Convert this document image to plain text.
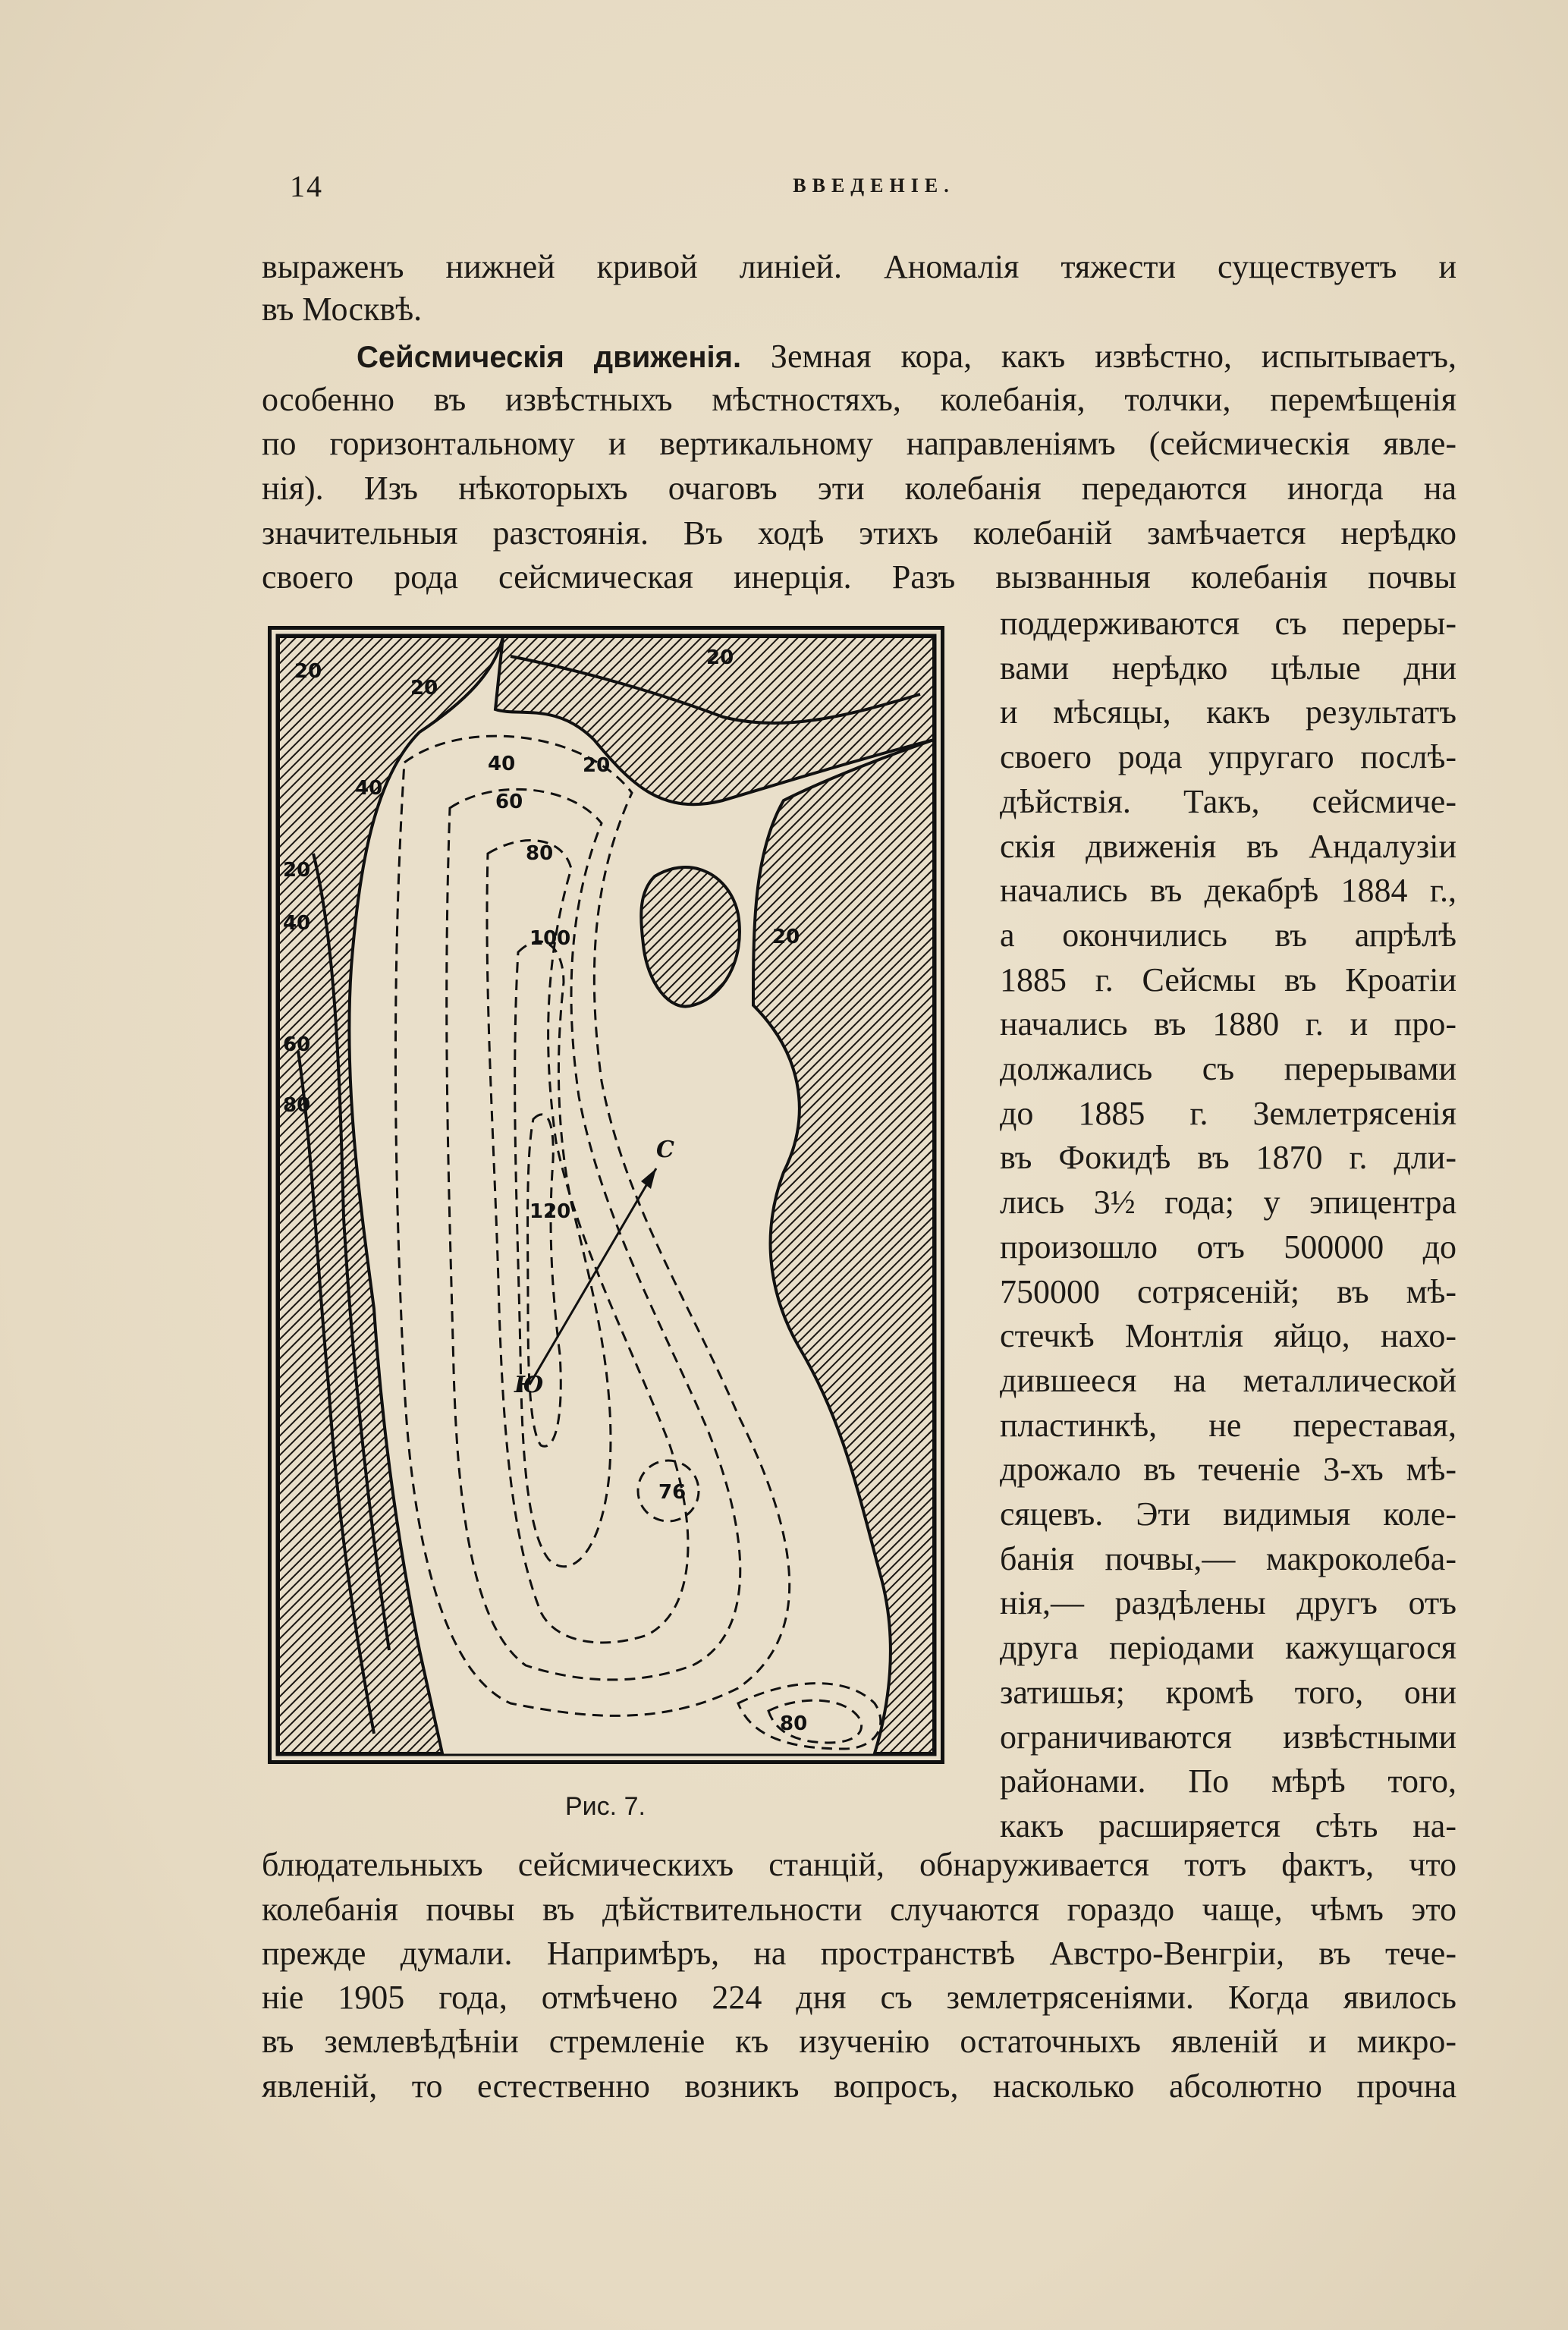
14	ВВЕДЕНІЕ.
выраженъ нижней кривой линіей. Аномалія тяжести существуетъ и
въ Москвѣ.
Сейсмическія движенія. Земная кора, какъ извѣстно, испытываетъ,
особенно въ извѣстныхъ мѣстностяхъ, колебанія, толчки, перемѣщенія
по горизонтальному и вертикальному направленіямъ (сейсмическія явле-
нія). Изъ нѣкоторыхъ очаговъ эти колебанія передаются иногда на
значительныя разстоянія. Въ ходѣ этихъ колебаній замѣчается нерѣдко
своего рода сейсмическая инерція. Разъ вызванныя колебанія почвы
поддерживаются съ переры-
вами нерѣдко цѣлые дни
и мѣсяцы, какъ результатъ
своего рода упругаго послѣ-
дѣйствія. Такъ, сейсмиче-
скія движенія въ Андалузіи
начались въ декабрѣ 1884 г.,
а окончились въ апрѣлѣ
1885 г. Сейсмы въ Кроатіи
начались въ 1880 г. и про-
должались съ перерывами
до 1885 г. Землетрясенія
въ Фокидѣ въ 1870 г. дли-
лись 3½ года; у эпицентра
произошло отъ 500000 до
750000 сотрясеній; въ мѣ-
стечкѣ Монтлія яйцо, нахо-
дившееся на металлической
пластинкѣ, не переставая,
дрожало въ теченіе 3-хъ мѣ-
сяцевъ. Эти видимыя коле-
банія почвы,— макроколеба-
нія,— раздѣлены другъ отъ
друга періодами кажущагося
затишья; кромѣ того, они
ограничиваются извѣстными
районами. По мѣрѣ того,
какъ расширяется сѣть на-
20
20
20
40
20
40
60
80
100
120
20
76
80
20
40
60
80
C
Ю
Рис. 7.
блюдательныхъ сейсмическихъ станцій, обнаруживается тотъ фактъ, что
колебанія почвы въ дѣйствительности случаются гораздо чаще, чѣмъ это
прежде думали. Напримѣръ, на пространствѣ Австро-Венгріи, въ тече-
ніе 1905 года, отмѣчено 224 дня съ землетрясеніями. Когда явилось
въ землевѣдѣніи стремленіе къ изученію остаточныхъ явленій и микро-
явленій, то естественно возникъ вопросъ, насколько абсолютно прочна
